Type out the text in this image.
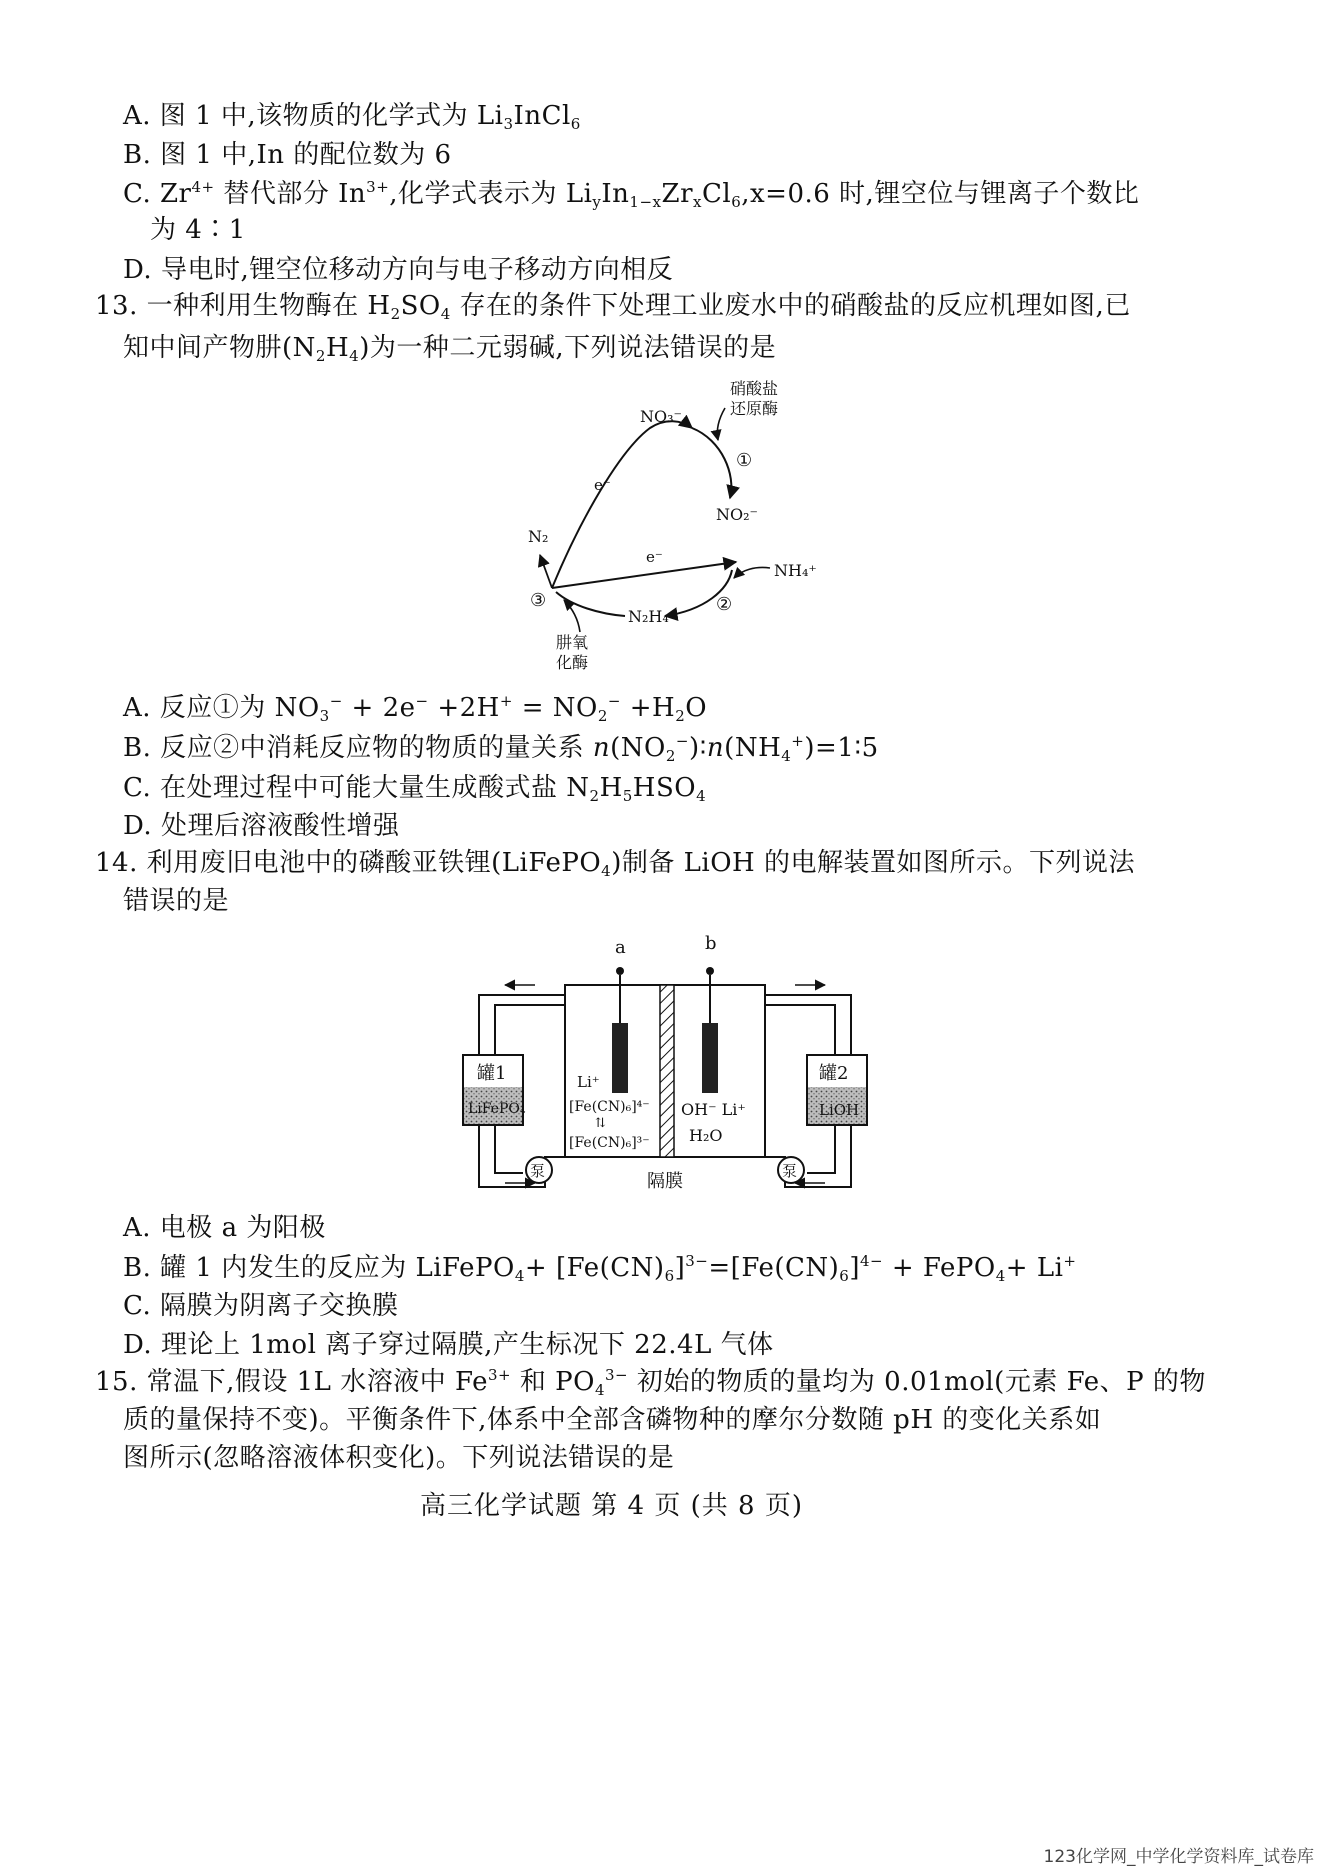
A. 图 1 中,该物质的化学式为 $Li_3InCl_6$
B. 图 1 中,In 的配位数为 6
C. $Zr^{4+}$ 替代部分 $In^{3+}$,化学式表示为 $Li_yIn_{1-x}Zr_xCl_6,x=0.6$ 时,锂空位与锂离子个数比
为 4∶1
D. 导电时,锂空位移动方向与电子移动方向相反
13. 一种利用生物酶在 $H_2SO_4$ 存在的条件下处理工业废水中的硝酸盐的反应机理如图,已
知中间产物肼$(N_2H_4)$为一种二元弱碱,下列说法错误的是
NO₃⁻
硝酸盐
还原酶
①
NO₂⁻
e⁻
e⁻
N₂
NH₄⁺
②
③
N₂H₄
肼氧
化酶
A. 反应①为 $NO_3^- + 2e^- +2H^+ = NO_2^- +H_2O$
B. 反应②中消耗反应物的物质的量关系 $n(NO_2^-)∶n(NH_4^+)=1∶5$
C. 在处理过程中可能大量生成酸式盐 $N_2H_5HSO_4$
D. 处理后溶液酸性增强
14. 利用废旧电池中的磷酸亚铁锂(LiFePO$_4$)制备 LiOH 的电解装置如图所示。下列说法
错误的是
a	b
罐1
LiFePO₄
罐2
LiOH
泵	泵
Li⁺
[Fe(CN)₆]⁴⁻
⇅
[Fe(CN)₆]³⁻
OH⁻ Li⁺
H₂O
隔膜
A. 电极 a 为阳极
B. 罐 1 内发生的反应为 LiFePO$_4$+ $[Fe(CN)_6]^{3-}=[Fe(CN)_6]^{4-}$ + FePO$_4$+ Li+
C. 隔膜为阴离子交换膜
D. 理论上 1mol 离子穿过隔膜,产生标况下 22.4L 气体
15. 常温下,假设 1L 水溶液中 $Fe^{3+}$ 和 $PO_4^{3-}$ 初始的物质的量均为 0.01mol(元素 Fe、P 的物
质的量保持不变)。平衡条件下,体系中全部含磷物种的摩尔分数随 pH 的变化关系如
图所示(忽略溶液体积变化)。下列说法错误的是
高三化学试题 第 4 页 (共 8 页)
123化学网_中学化学资料库_试卷库
